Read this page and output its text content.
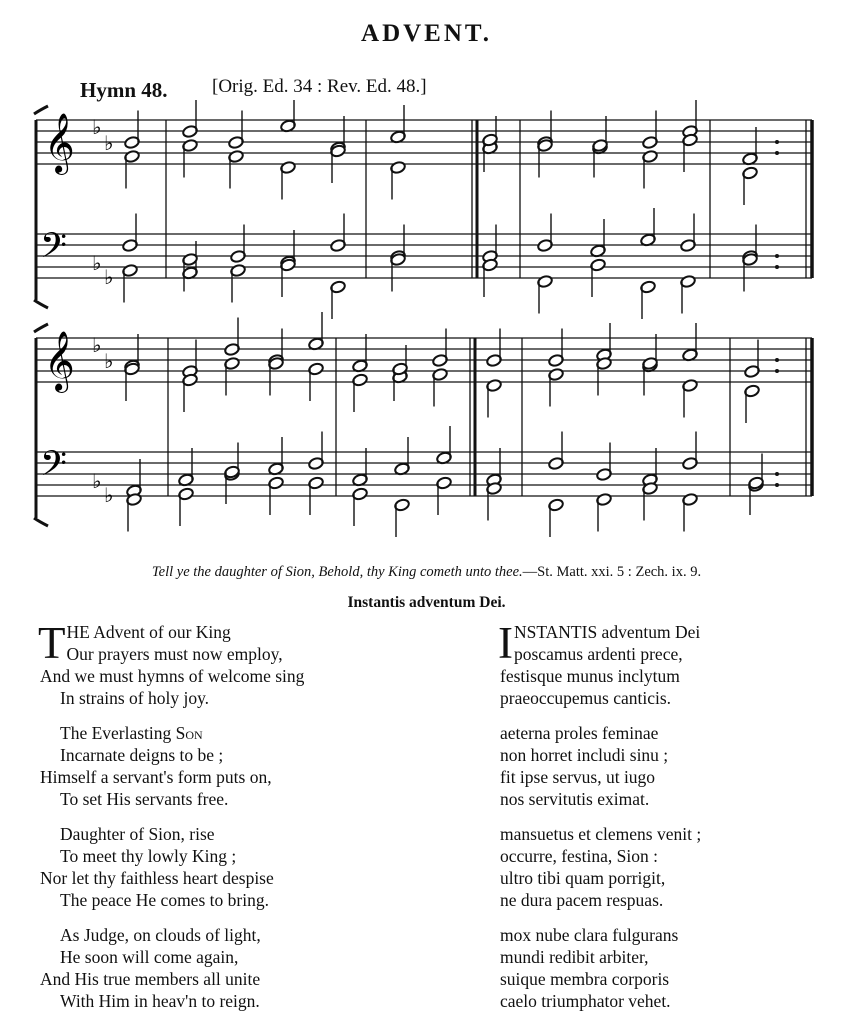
ADVENT.
Hymn 48. [Orig. Ed. 34 : Rev. Ed. 48.]
𝄞 ♭
♭
𝄢 ♭
♭
𝄞 ♭
♭
𝄢 ♭
♭
Tell ye the daughter of Sion, Behold, thy King cometh unto thee.—St. Matt. xxi. 5 : Zech. ix. 9.
Instantis adventum Dei.
T HE Advent of our King
Our prayers must now employ,
And we must hymns of welcome sing
In strains of holy joy.
The Everlasting Son
Incarnate deigns to be ;
Himself a servant's form puts on,
To set His servants free.
Daughter of Sion, rise
To meet thy lowly King ;
Nor let thy faithless heart despise
The peace He comes to bring.
As Judge, on clouds of light,
He soon will come again,
And His true members all unite
With Him in heav'n to reign.
I NSTANTIS adventum Dei
poscamus ardenti prece,
festisque munus inclytum
praeoccupemus canticis.
aeterna proles feminae
non horret includi sinu ;
fit ipse servus, ut iugo
nos servitutis eximat.
mansuetus et clemens venit ;
occurre, festina, Sion :
ultro tibi quam porrigit,
ne dura pacem respuas.
mox nube clara fulgurans
mundi redibit arbiter,
suique membra corporis
caelo triumphator vehet.
